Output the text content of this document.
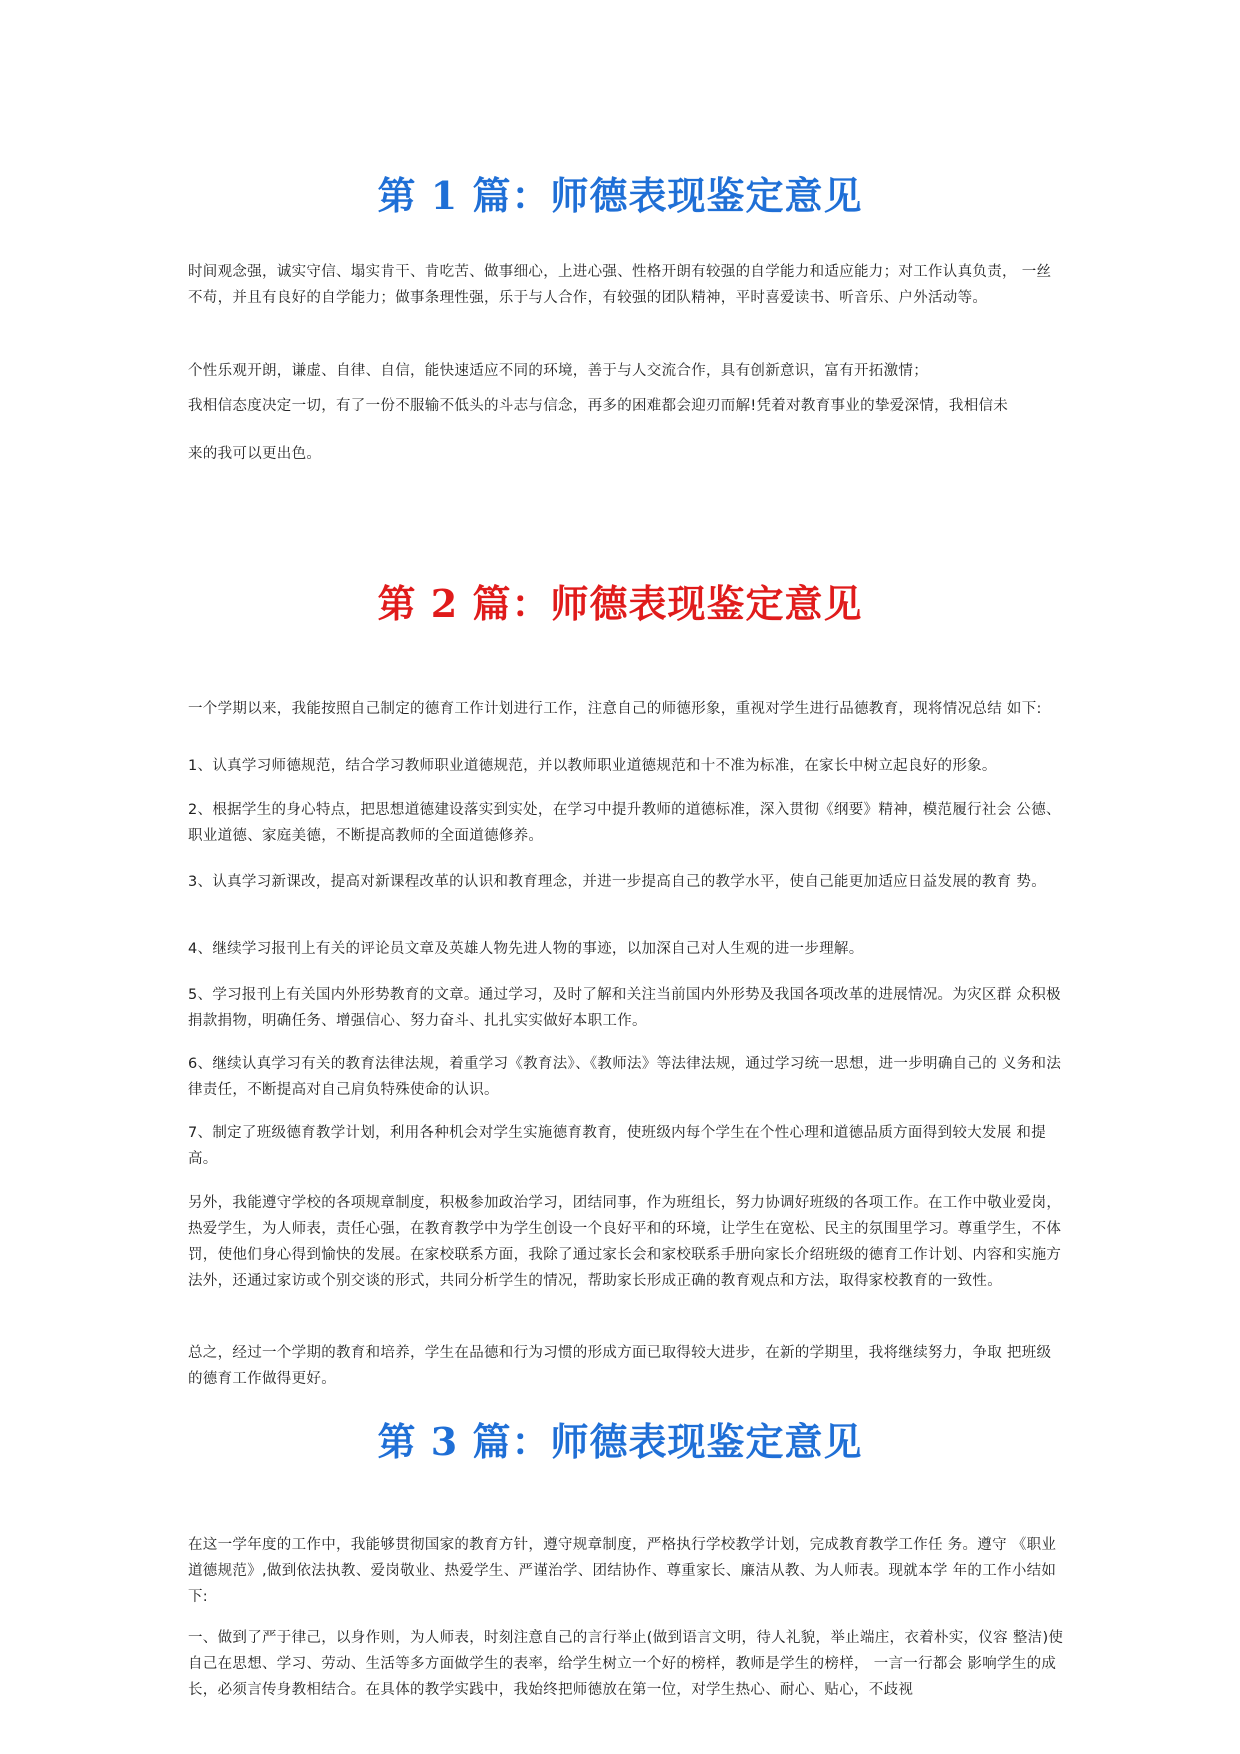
第 1 篇：师德表现鉴定意见

时间观念强，诚实守信、塌实肯干、肯吃苦、做事细心，上进心强、性格开朗有较强的自学能力和适应能力；对工作认真负责， 一丝不苟，并且有良好的自学能力；做事条理性强，乐于与人合作，有较强的团队精神，平时喜爱读书、听音乐、户外活动等。

个性乐观开朗，谦虚、自律、自信，能快速适应不同的环境，善于与人交流合作，具有创新意识，富有开拓激情；

我相信态度决定一切，有了一份不服输不低头的斗志与信念，再多的困难都会迎刃而解!凭着对教育事业的挚爱深情，我相信未

来的我可以更出色。

第 2 篇：师德表现鉴定意见

一个学期以来，我能按照自己制定的德育工作计划进行工作，注意自己的师德形象，重视对学生进行品德教育，现将情况总结 如下:

1、认真学习师德规范，结合学习教师职业道德规范，并以教师职业道德规范和十不准为标准，在家长中树立起良好的形象。

2、根据学生的身心特点，把思想道德建设落实到实处，在学习中提升教师的道德标准，深入贯彻《纲要》精神，模范履行社会 公德、职业道德、家庭美德，不断提高教师的全面道德修养。

3、认真学习新课改，提高对新课程改革的认识和教育理念，并进一步提高自己的教学水平，使自己能更加适应日益发展的教育 势。

4、继续学习报刊上有关的评论员文章及英雄人物先进人物的事迹，以加深自己对人生观的进一步理解。

5、学习报刊上有关国内外形势教育的文章。通过学习，及时了解和关注当前国内外形势及我国各项改革的进展情况。为灾区群 众积极捐款捐物，明确任务、增强信心、努力奋斗、扎扎实实做好本职工作。

6、继续认真学习有关的教育法律法规，着重学习《教育法》、《教师法》等法律法规，通过学习统一思想，进一步明确自己的 义务和法律责任，不断提高对自己肩负特殊使命的认识。

7、制定了班级德育教学计划，利用各种机会对学生实施德育教育，使班级内每个学生在个性心理和道德品质方面得到较大发展 和提高。

另外，我能遵守学校的各项规章制度，积极参加政治学习，团结同事，作为班组长，努力协调好班级的各项工作。在工作中敬业爱岗，热爱学生，为人师表，责任心强，在教育教学中为学生创设一个良好平和的环境，让学生在宽松、民主的氛围里学习。尊重学生，不体罚，使他们身心得到愉快的发展。在家校联系方面，我除了通过家长会和家校联系手册向家长介绍班级的德育工作计划、内容和实施方法外，还通过家访或个别交谈的形式，共同分析学生的情况，帮助家长形成正确的教育观点和方法，取得家校教育的一致性。

总之，经过一个学期的教育和培养，学生在品德和行为习惯的形成方面已取得较大进步，在新的学期里，我将继续努力，争取 把班级的德育工作做得更好。

第 3 篇：师德表现鉴定意见

在这一学年度的工作中，我能够贯彻国家的教育方针，遵守规章制度，严格执行学校教学计划，完成教育教学工作任 务。遵守 《职业道德规范》,做到依法执教、爱岗敬业、热爱学生、严谨治学、团结协作、尊重家长、廉洁从教、为人师表。现就本学 年的工作小结如下:

一、做到了严于律己，以身作则，为人师表，时刻注意自己的言行举止(做到语言文明，待人礼貌，举止端庄，衣着朴实，仪容 整洁)使自己在思想、学习、劳动、生活等多方面做学生的表率，给学生树立一个好的榜样，教师是学生的榜样， 一言一行都会 影响学生的成长，必须言传身教相结合。在具体的教学实践中，我始终把师德放在第一位，对学生热心、耐心、贴心，不歧视
